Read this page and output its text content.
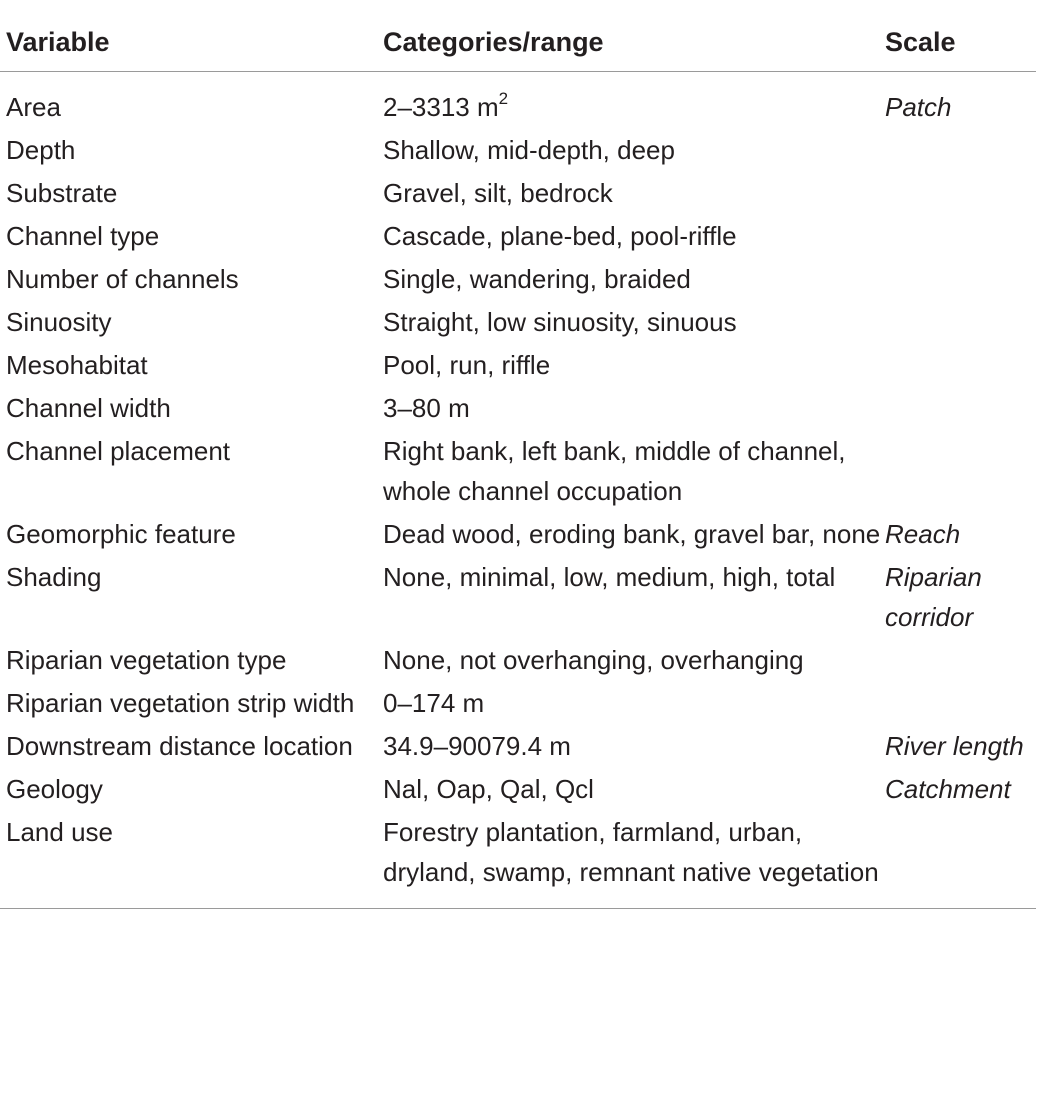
Variable	Categories/range	Scale
Area	2–3313 $m^2$	Patch
Depth	Shallow, mid-depth, deep	
Substrate	Gravel, silt, bedrock	
Channel type	Cascade, plane-bed, pool-riffle	
Number of channels	Single, wandering, braided	
Sinuosity	Straight, low sinuosity, sinuous	
Mesohabitat	Pool, run, riffle	
Channel width	3–80 m	
Channel placement	Right bank, left bank, middle of channel, whole channel occupation	
Geomorphic feature	Dead wood, eroding bank, gravel bar, none	Reach
Shading	None, minimal, low, medium, high, total	Riparian corridor
Riparian vegetation type	None, not overhanging, overhanging	
Riparian vegetation strip width	0–174 m	
Downstream distance location	34.9–90079.4 m	River length
Geology	Nal, Oap, Qal, Qcl	Catchment
Land use	Forestry plantation, farmland, urban, dryland, swamp, remnant native vegetation	
